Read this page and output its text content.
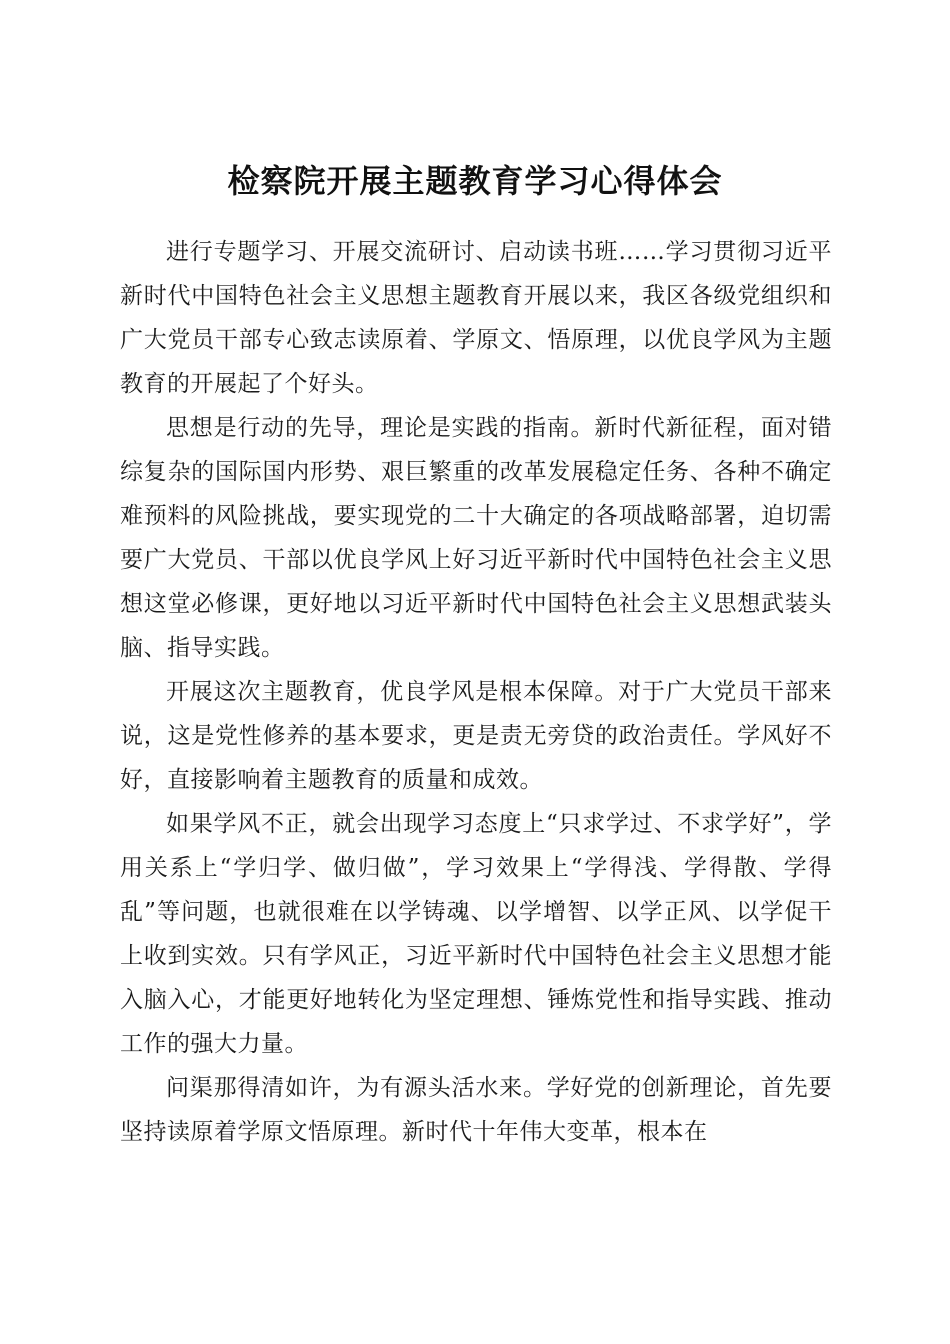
检察院开展主题教育学习心得体会

进行专题学习、开展交流研讨、启动读书班……学习贯彻习近平新时代中国特色社会主义思想主题教育开展以来，我区各级党组织和广大党员干部专心致志读原着、学原文、悟原理，以优良学风为主题教育的开展起了个好头。

思想是行动的先导，理论是实践的指南。新时代新征程，面对错综复杂的国际国内形势、艰巨繁重的改革发展稳定任务、各种不确定难预料的风险挑战，要实现党的二十大确定的各项战略部署，迫切需要广大党员、干部以优良学风上好习近平新时代中国特色社会主义思想这堂必修课，更好地以习近平新时代中国特色社会主义思想武装头脑、指导实践。

开展这次主题教育，优良学风是根本保障。对于广大党员干部来说，这是党性修养的基本要求，更是责无旁贷的政治责任。学风好不好，直接影响着主题教育的质量和成效。

如果学风不正，就会出现学习态度上“只求学过、不求学好”，学用关系上“学归学、做归做”，学习效果上“学得浅、学得散、学得乱”等问题，也就很难在以学铸魂、以学增智、以学正风、以学促干上收到实效。只有学风正，习近平新时代中国特色社会主义思想才能入脑入心，才能更好地转化为坚定理想、锤炼党性和指导实践、推动工作的强大力量。

问渠那得清如许，为有源头活水来。学好党的创新理论，首先要坚持读原着学原文悟原理。新时代十年伟大变革，根本在
